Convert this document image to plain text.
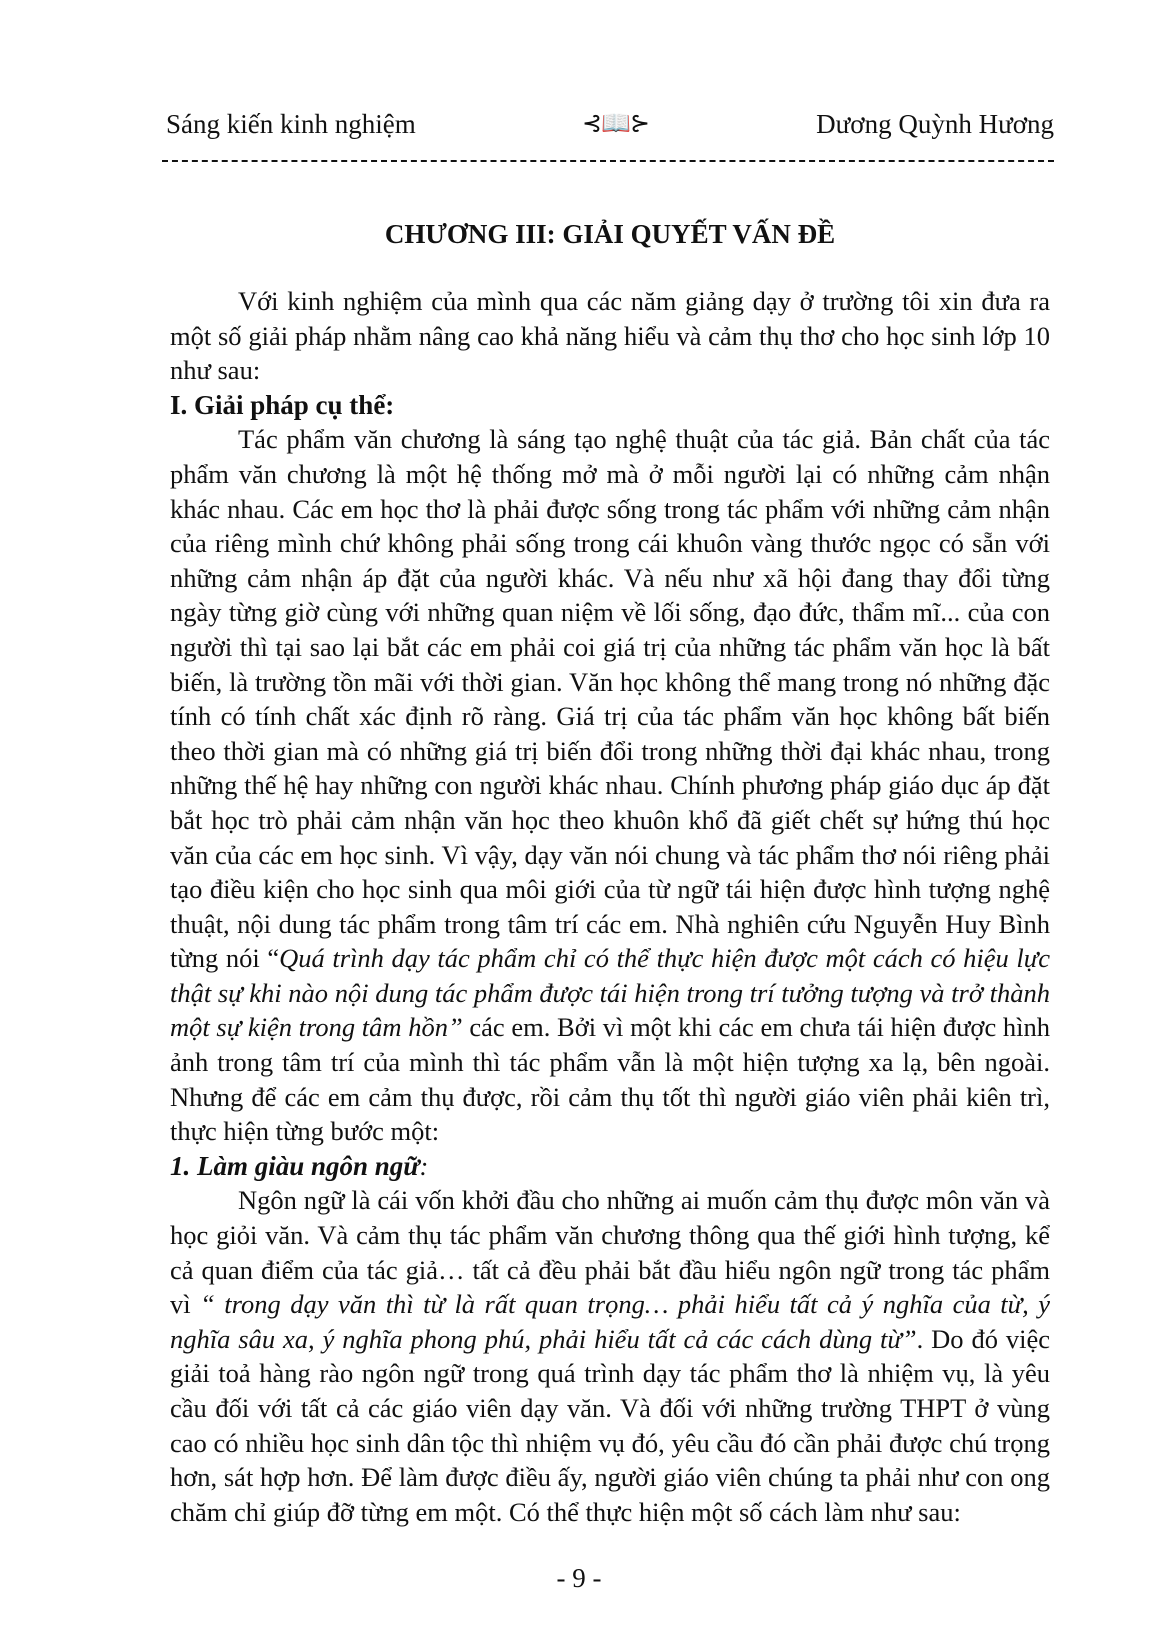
Sáng kiến kinh nghiệm	⊰📖⊱	Dương Quỳnh Hương
CHƯƠNG III: GIẢI QUYẾT VẤN ĐỀ

Với kinh nghiệm của mình qua các năm giảng dạy ở trường tôi xin đưa ra một số giải pháp nhằm nâng cao khả năng hiểu và cảm thụ thơ cho học sinh lớp 10 như sau:

I. Giải pháp cụ thể:

Tác phẩm văn chương là sáng tạo nghệ thuật của tác giả. Bản chất của tác phẩm văn chương là một hệ thống mở mà ở mỗi người lại có những cảm nhận khác nhau. Các em học thơ là phải được sống trong tác phẩm với những cảm nhận của riêng mình chứ không phải sống trong cái khuôn vàng thước ngọc có sẵn với những cảm nhận áp đặt của người khác. Và nếu như xã hội đang thay đổi từng ngày từng giờ cùng với những quan niệm về lối sống, đạo đức, thẩm mĩ... của con người thì tại sao lại bắt các em phải coi giá trị của những tác phẩm văn học là bất biến, là trường tồn mãi với thời gian. Văn học không thể mang trong nó những đặc tính có tính chất xác định rõ ràng. Giá trị của tác phẩm văn học không bất biến theo thời gian mà có những giá trị biến đổi trong những thời đại khác nhau, trong những thế hệ hay những con người khác nhau. Chính phương pháp giáo dục áp đặt bắt học trò phải cảm nhận văn học theo khuôn khổ đã giết chết sự hứng thú học văn của các em học sinh. Vì vậy, dạy văn nói chung và tác phẩm thơ nói riêng phải tạo điều kiện cho học sinh qua môi giới của từ ngữ tái hiện được hình tượng nghệ thuật, nội dung tác phẩm trong tâm trí các em. Nhà nghiên cứu Nguyễn Huy Bình từng nói “Quá trình dạy tác phẩm chỉ có thể thực hiện được một cách có hiệu lực thật sự khi nào nội dung tác phẩm được tái hiện trong trí tưởng tượng và trở thành một sự kiện trong tâm hồn” các em. Bởi vì một khi các em chưa tái hiện được hình ảnh trong tâm trí của mình thì tác phẩm vẫn là một hiện tượng xa lạ, bên ngoài. Nhưng để các em cảm thụ được, rồi cảm thụ tốt thì người giáo viên phải kiên trì, thực hiện từng bước một:

1. Làm giàu ngôn ngữ:

Ngôn ngữ là cái vốn khởi đầu cho những ai muốn cảm thụ được môn văn và học giỏi văn. Và cảm thụ tác phẩm văn chương thông qua thế giới hình tượng, kể cả quan điểm của tác giả… tất cả đều phải bắt đầu hiểu ngôn ngữ trong tác phẩm vì “ trong dạy văn thì từ là rất quan trọng… phải hiểu tất cả ý nghĩa của từ, ý nghĩa sâu xa, ý nghĩa phong phú, phải hiểu tất cả các cách dùng từ”. Do đó việc giải toả hàng rào ngôn ngữ trong quá trình dạy tác phẩm thơ là nhiệm vụ, là yêu cầu đối với tất cả các giáo viên dạy văn. Và đối với những trường THPT ở vùng cao có nhiều học sinh dân tộc thì nhiệm vụ đó, yêu cầu đó cần phải được chú trọng hơn, sát hợp hơn. Để làm được điều ấy, người giáo viên chúng ta phải như con ong chăm chỉ giúp đỡ từng em một. Có thể thực hiện một số cách làm như sau:

- 9 -
